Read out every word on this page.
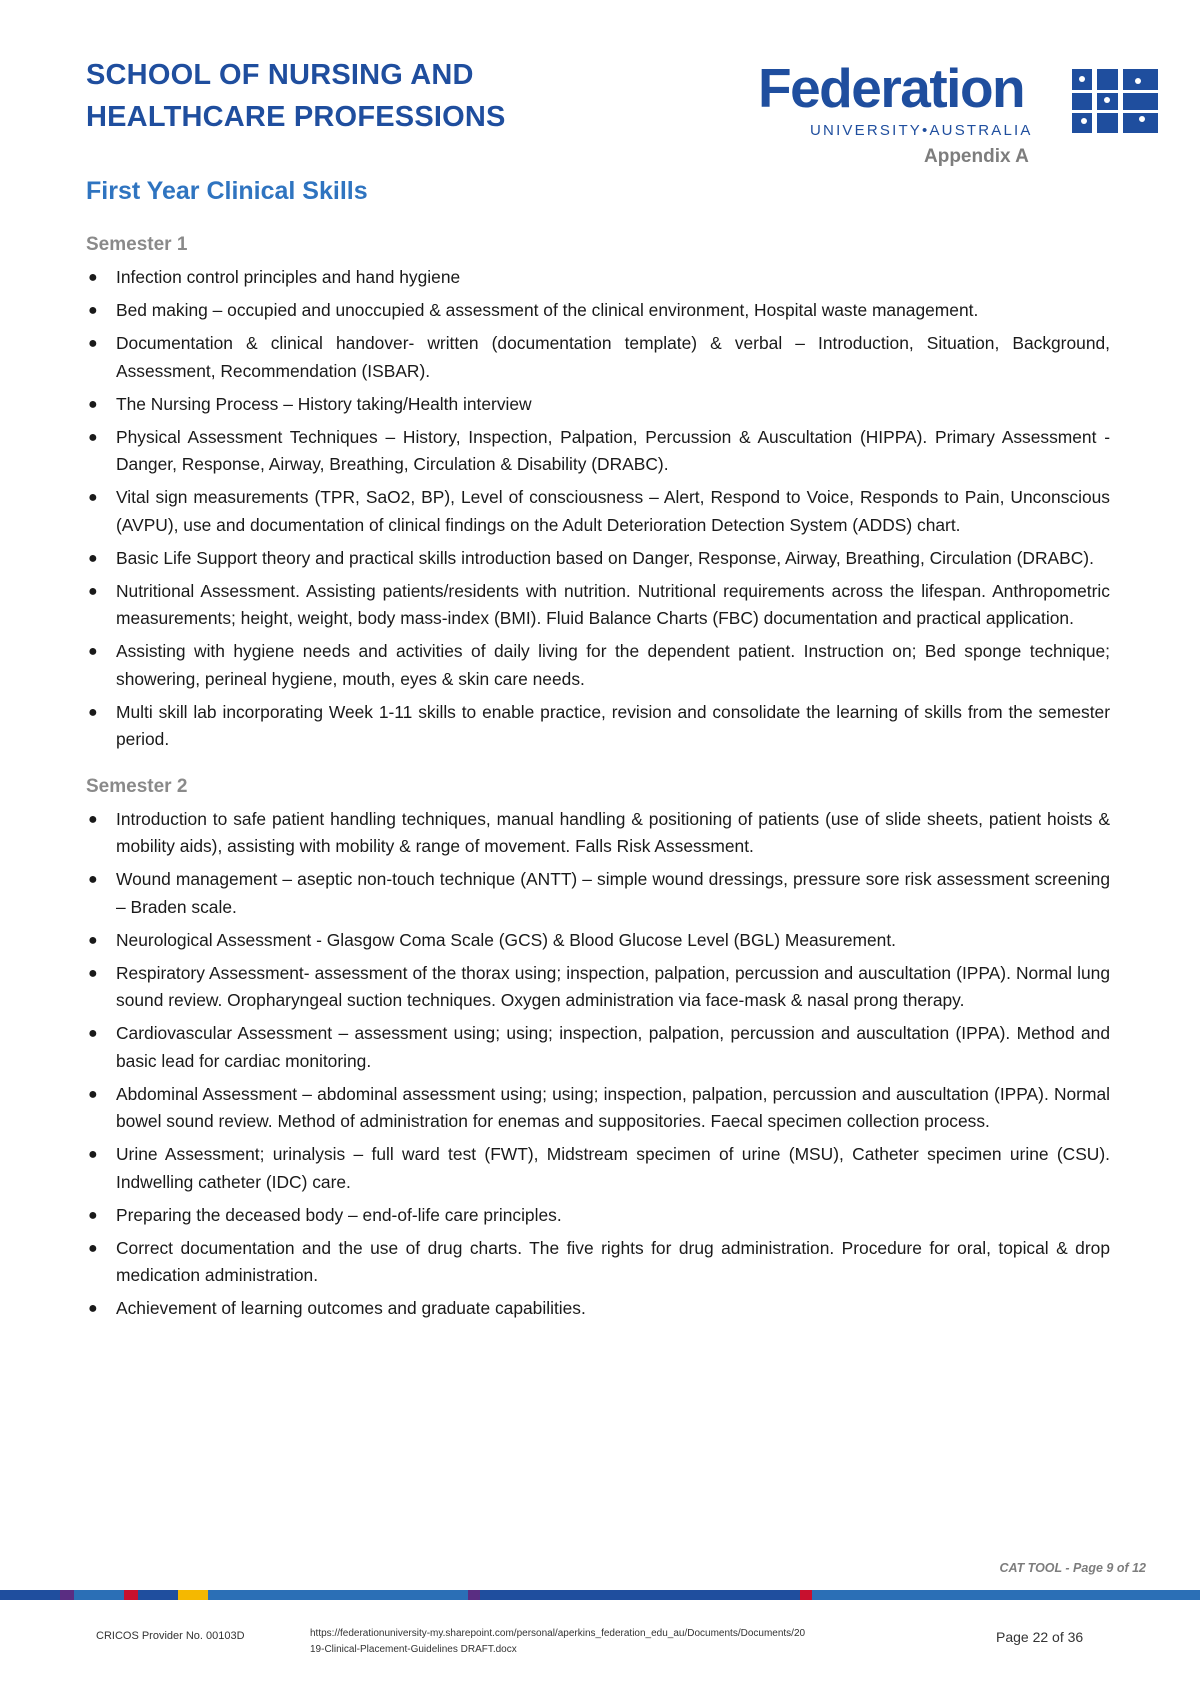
SCHOOL OF NURSING AND
HEALTHCARE PROFESSIONS	Federation
UNIVERSITY•AUSTRALIA
Appendix A
First Year Clinical Skills
Semester 1
● Infection control principles and hand hygiene
● Bed making – occupied and unoccupied & assessment of the clinical environment, Hospital waste management.
● Documentation & clinical handover- written (documentation template) & verbal – Introduction, Situation, Background, Assessment, Recommendation (ISBAR).
● The Nursing Process – History taking/Health interview
● Physical Assessment Techniques – History, Inspection, Palpation, Percussion & Auscultation (HIPPA). Primary Assessment -Danger, Response, Airway, Breathing, Circulation & Disability (DRABC).
● Vital sign measurements (TPR, SaO2, BP), Level of consciousness – Alert, Respond to Voice, Responds to Pain, Unconscious (AVPU), use and documentation of clinical findings on the Adult Deterioration Detection System (ADDS) chart.
● Basic Life Support theory and practical skills introduction based on Danger, Response, Airway, Breathing, Circulation (DRABC).
● Nutritional Assessment. Assisting patients/residents with nutrition. Nutritional requirements across the lifespan. Anthropometric measurements; height, weight, body mass-index (BMI). Fluid Balance Charts (FBC) documentation and practical application.
● Assisting with hygiene needs and activities of daily living for the dependent patient. Instruction on; Bed sponge technique; showering, perineal hygiene, mouth, eyes & skin care needs.
● Multi skill lab incorporating Week 1-11 skills to enable practice, revision and consolidate the learning of skills from the semester period.
Semester 2
● Introduction to safe patient handling techniques, manual handling & positioning of patients (use of slide sheets, patient hoists & mobility aids), assisting with mobility & range of movement. Falls Risk Assessment.
● Wound management – aseptic non-touch technique (ANTT) – simple wound dressings, pressure sore risk assessment screening – Braden scale.
● Neurological Assessment - Glasgow Coma Scale (GCS) & Blood Glucose Level (BGL) Measurement.
● Respiratory Assessment- assessment of the thorax using; inspection, palpation, percussion and auscultation (IPPA). Normal lung sound review. Oropharyngeal suction techniques. Oxygen administration via face-mask & nasal prong therapy.
● Cardiovascular Assessment – assessment using; using; inspection, palpation, percussion and auscultation (IPPA). Method and basic lead for cardiac monitoring.
● Abdominal Assessment – abdominal assessment using; using; inspection, palpation, percussion and auscultation (IPPA). Normal bowel sound review. Method of administration for enemas and suppositories. Faecal specimen collection process.
● Urine Assessment; urinalysis – full ward test (FWT), Midstream specimen of urine (MSU), Catheter specimen urine (CSU). Indwelling catheter (IDC) care.
● Preparing the deceased body – end-of-life care principles.
● Correct documentation and the use of drug charts. The five rights for drug administration. Procedure for oral, topical & drop medication administration.
● Achievement of learning outcomes and graduate capabilities.
CAT TOOL - Page 9 of 12
CRICOS Provider No. 00103D	https://federationuniversity-my.sharepoint.com/personal/aperkins_federation_edu_au/Documents/Documents/2019-Clinical-Placement-Guidelines DRAFT.docx
Page 22 of 36
